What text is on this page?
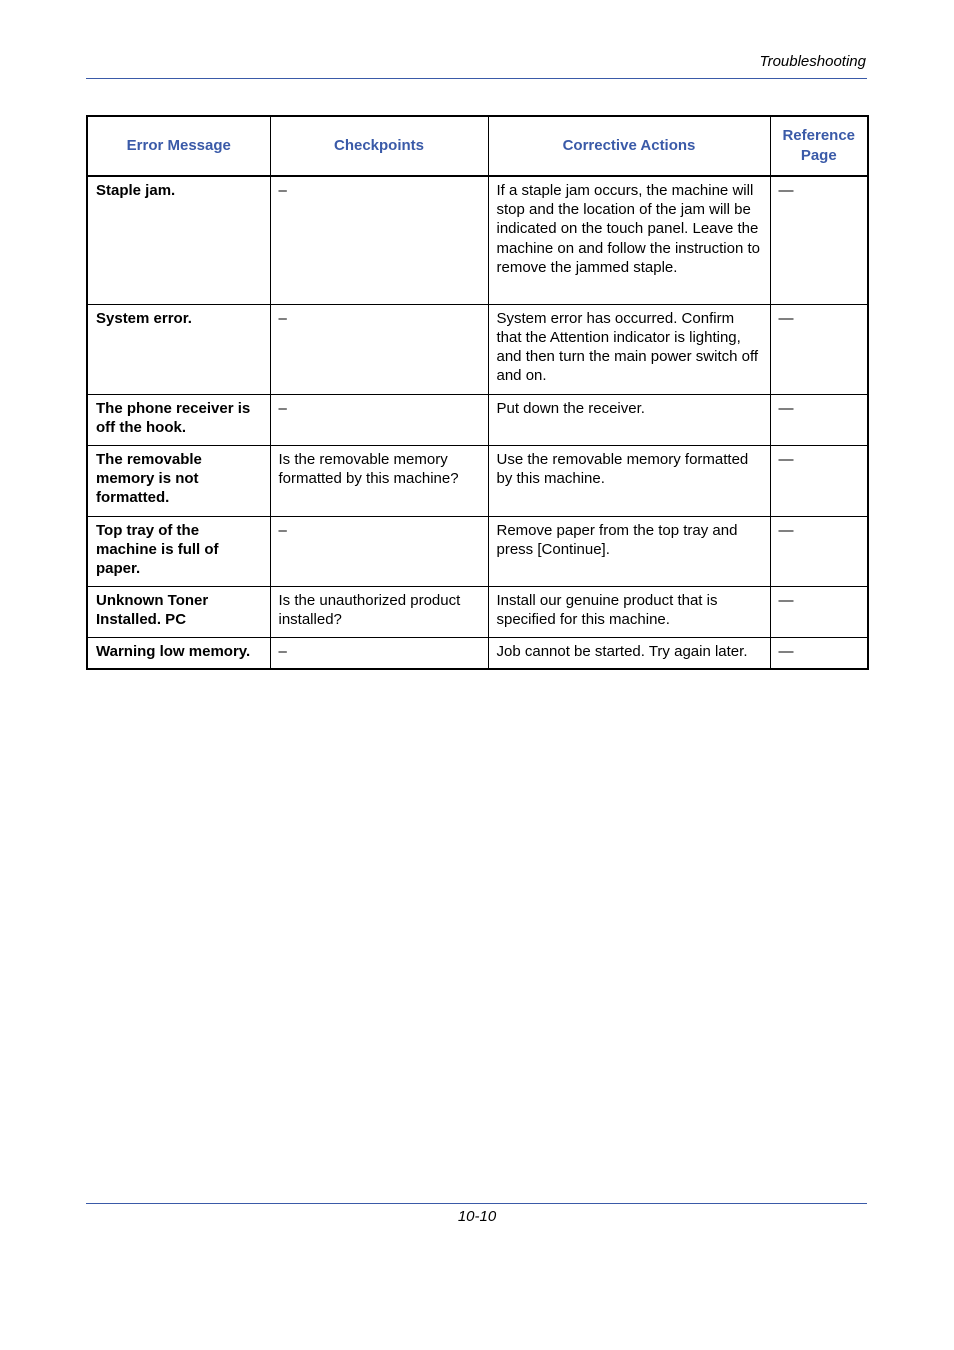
Troubleshooting
Error Message	Checkpoints	Corrective Actions	Reference Page
Staple jam.	–	If a staple jam occurs, the machine will stop and the location of the jam will be indicated on the touch panel. Leave the machine on and follow the instruction to remove the jammed staple.	—
System error.	–	System error has occurred. Confirm that the Attention indicator is lighting, and then turn the main power switch off and on.	—
The phone receiver is off the hook.	–	Put down the receiver.	—
The removable memory is not formatted.	Is the removable memory formatted by this machine?	Use the removable memory formatted by this machine.	—
Top tray of the machine is full of paper.	–	Remove paper from the top tray and press [Continue].	—
Unknown Toner Installed. PC	Is the unauthorized product installed?	Install our genuine product that is specified for this machine.	—
Warning low memory.	–	Job cannot be started. Try again later.	—
10-10
